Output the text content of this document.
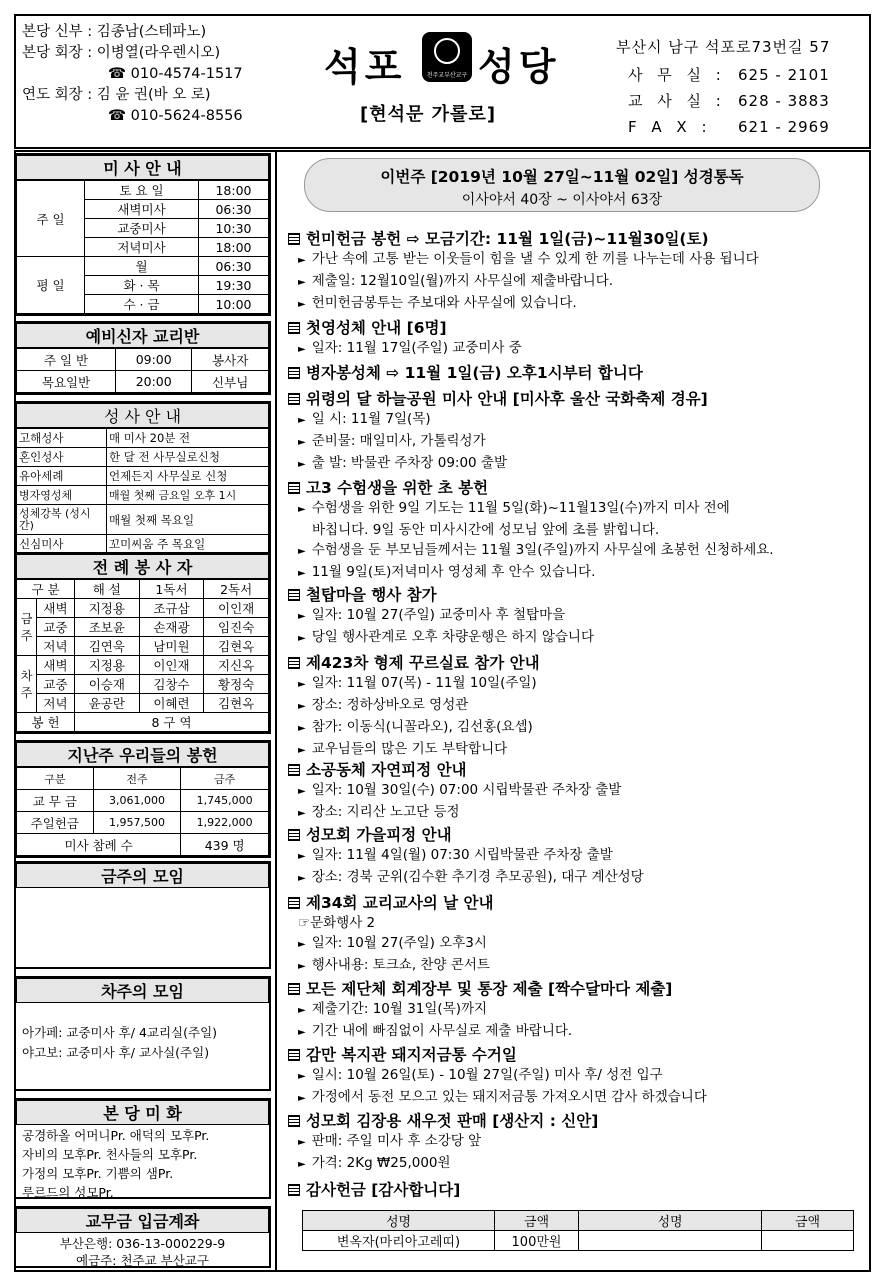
본당 신부 : 김종남(스테파노)
본당 회장 : 이병열(라우렌시오)
☎ 010-4574-1517
연도 회장 : 김 윤 권(바 오 로)
☎ 010-5624-8556
석포	천주교부산교구 성당
[현석문 가롤로]
부산시 남구 석포로73번길 57
사 무 실 : 625 - 2101
교 사 실 : 628 - 3883
F A X :	621 - 2969
미 사 안 내
주 일	토 요 일	18:00
	새벽미사	06:30
	교중미사	10:30
	저녁미사	18:00
평 일	월	06:30
	화 · 목	19:30
	수 · 금	10:00
예비신자 교리반
주 일 반	09:00	봉사자
목요일반	20:00	신부님
성 사 안 내
고해성사	매 미사 20분 전
혼인성사	한 달 전 사무실로신청
유아세례	언제든지 사무실로 신청
병자영성체	매월 첫째 금요일 오후 1시
성체강복 (성시간)	매월 첫째 목요일
신심미사	꼬미씨움 주 목요일
전 례 봉 사 자
구 분		해 설	1독서	2독서
금주	새벽	지정용	조규삼	이인재
	교중	조보윤	손재광	임진숙
	저녁	김연욱	남미원	김현옥
차주	새벽	지정용	이인재	지신옥
	교중	이승재	김창수	황정숙
	저녁	윤공란	이혜련	김현옥
봉 헌		8 구 역		
지난주 우리들의 봉헌
구분	전주	금주
교 무 금	3,061,000	1,745,000
주일헌금	1,957,500	1,922,000
미사 참례 수		439 명
금주의 모임
차주의 모임
아가페: 교중미사 후/ 4교리실(주일)
야고보: 교중미사 후/ 교사실(주일)
본 당 미 화
공경하올 어머니Pr. 애덕의 모후Pr.
자비의 모후Pr. 천사들의 모후Pr.
가정의 모후Pr. 기쁨의 샘Pr.
루르드의 성모Pr.
교무금 입금계좌
부산은행: 036-13-000229-9
예금주: 천주교 부산교구
이번주 [2019년 10월 27일~11월 02일] 성경통독
이사야서 40장 ~ 이사야서 63장
헌미헌금 봉헌 ⇨ 모금기간: 11월 1일(금)~11월30일(토)

► 가난 속에 고통 받는 이웃들이 힘을 낼 수 있게 한 끼를 나누는데 사용 됩니다

► 제출일: 12월10일(월)까지 사무실에 제출바랍니다.

► 헌미헌금봉투는 주보대와 사무실에 있습니다.

첫영성체 안내 [6명]

► 일자: 11월 17일(주일) 교중미사 중

병자봉성체 ⇨ 11월 1일(금) 오후1시부터 합니다
위령의 달 하늘공원 미사 안내 [미사후 울산 국화축제 경유]

► 일 시: 11월 7일(목)

► 준비물: 매일미사, 가톨릭성가

► 출 발: 박물관 주차장 09:00 출발

고3 수험생을 위한 초 봉헌

► 수험생을 위한 9일 기도는 11월 5일(화)~11월13일(수)까지 미사 전에

바칩니다. 9일 동안 미사시간에 성모님 앞에 초를 밝힙니다.

► 수험생을 둔 부모님들께서는 11월 3일(주일)까지 사무실에 초봉헌 신청하세요.

► 11월 9일(토)저녁미사 영성체 후 안수 있습니다.

철탑마을 행사 참가

► 일자: 10월 27(주일) 교중미사 후 철탑마을

► 당일 행사관계로 오후 차량운행은 하지 않습니다

제423차 형제 꾸르실료 참가 안내

► 일자: 11월 07(목) - 11월 10일(주일)

► 장소: 정하상바오로 영성관

► 참가: 이동식(니꼴라오), 김선홍(요셉)

► 교우님들의 많은 기도 부탁합니다

소공동체 자연피정 안내

► 일자: 10월 30일(수) 07:00 시립박물관 주차장 출발

► 장소: 지리산 노고단 등정

성모회 가을피정 안내

► 일자: 11월 4일(월) 07:30 시립박물관 주차장 출발

► 장소: 경북 군위(김수환 추기경 추모공원), 대구 계산성당

제34회 교리교사의 날 안내

☞문화행사 2

► 일자: 10월 27(주일) 오후3시

► 행사내용: 토크쇼, 찬양 콘서트

모든 제단체 회계장부 및 통장 제출 [짝수달마다 제출]

► 제출기간: 10월 31일(목)까지

► 기간 내에 빠짐없이 사무실로 제출 바랍니다.

감만 복지관 돼지저금통 수거일

► 일시: 10월 26일(토) - 10월 27일(주일) 미사 후/ 성전 입구

► 가정에서 동전 모으고 있는 돼지저금통 가져오시면 감사 하겠습니다

성모회 김장용 새우젓 판매 [생산지 : 신안]

► 판매: 주일 미사 후 소강당 앞

► 가격: 2Kg ₩25,000원

감사헌금 [감사합니다]
성명	금액	성명	금액
변옥자(마리아고레띠)	100만원		
